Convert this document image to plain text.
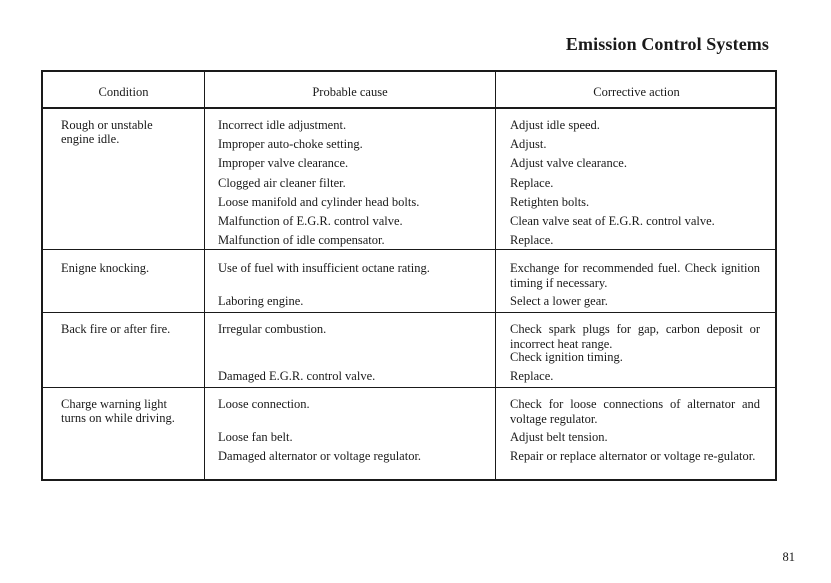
Emission Control Systems
Condition	Probable cause	Corrective action
Rough or unstable
engine idle.
Incorrect idle adjustment.	Adjust idle speed.
Improper auto-choke setting.	Adjust.
Improper valve clearance.	Adjust valve clearance.
Clogged air cleaner filter.	Replace.
Loose manifold and cylinder head bolts.	Retighten bolts.
Malfunction of E.G.R. control valve.	Clean valve seat of E.G.R. control valve.
Malfunction of idle compensator.	Replace.
Enigne knocking.	Use of fuel with insufficient octane rating.	Exchange for recommended fuel. Check ignition timing if necessary.
Laboring engine.	Select a lower gear.
Back fire or after fire.	Irregular combustion.	Check spark plugs for gap, carbon deposit or incorrect heat range.
Check ignition timing.
Damaged E.G.R. control valve.	Replace.
Charge warning light
turns on while driving.
Loose connection.	Check for loose connections of alternator and voltage regulator.
Loose fan belt.	Adjust belt tension.
Damaged alternator or voltage regulator.	Repair or replace alternator or voltage re-gulator.
81
